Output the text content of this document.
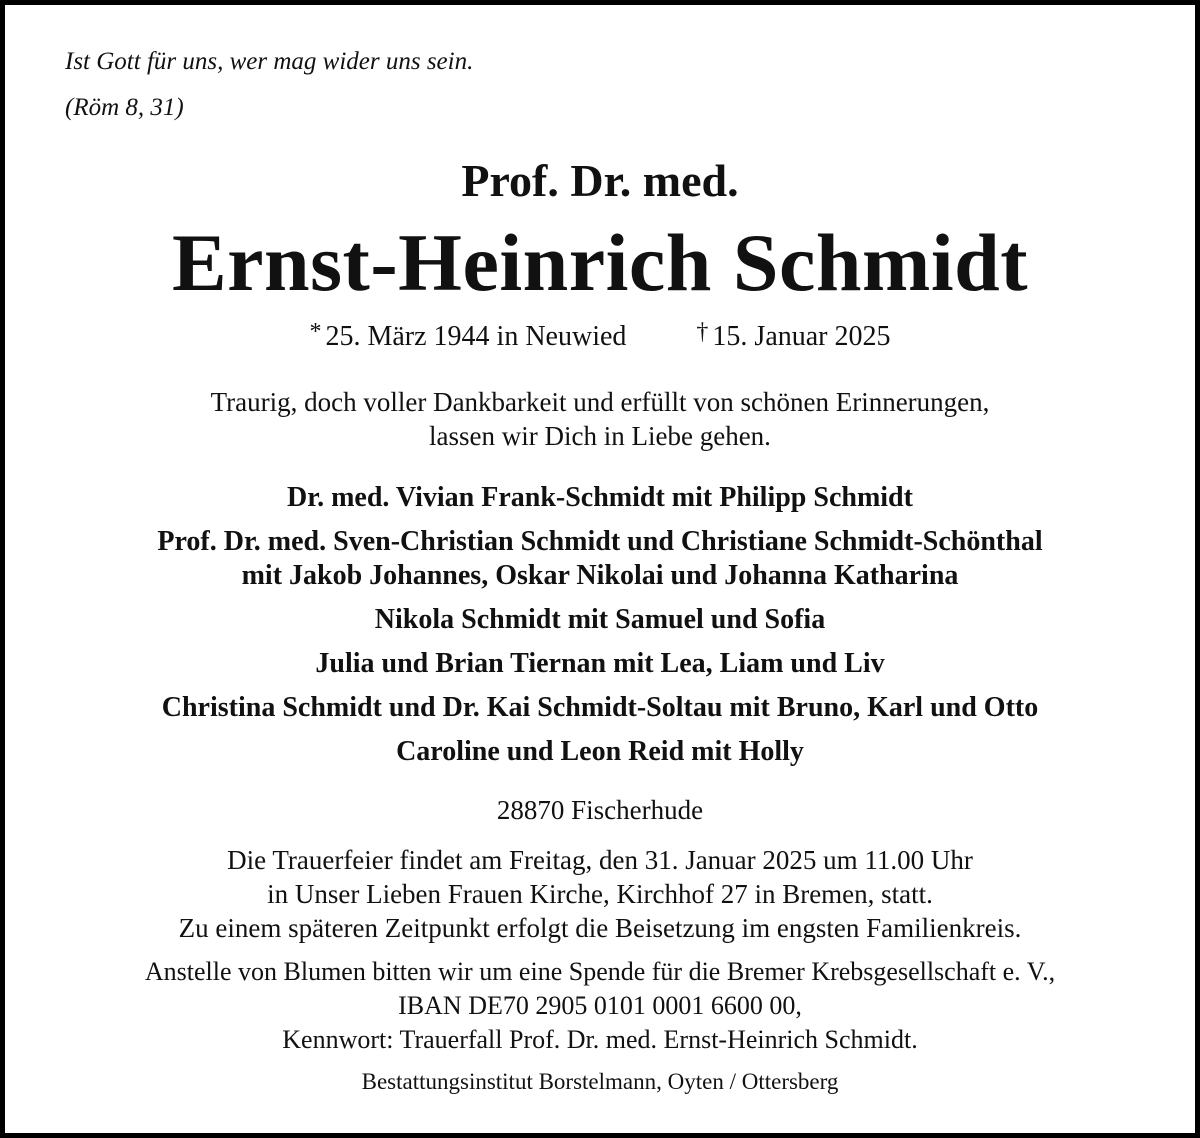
Ist Gott für uns, wer mag wider uns sein.
(Röm 8, 31)
Prof. Dr. med.
Ernst-Heinrich Schmidt
* 25. März 1944 in Neuwied	† 15. Januar 2025
Traurig, doch voller Dankbarkeit und erfüllt von schönen Erinnerungen,
lassen wir Dich in Liebe gehen.
Dr. med. Vivian Frank-Schmidt mit Philipp Schmidt
Prof. Dr. med. Sven-Christian Schmidt und Christiane Schmidt-Schönthal
mit Jakob Johannes, Oskar Nikolai und Johanna Katharina
Nikola Schmidt mit Samuel und Sofia
Julia und Brian Tiernan mit Lea, Liam und Liv
Christina Schmidt und Dr. Kai Schmidt-Soltau mit Bruno, Karl und Otto
Caroline und Leon Reid mit Holly
28870 Fischerhude
Die Trauerfeier findet am Freitag, den 31. Januar 2025 um 11.00 Uhr
in Unser Lieben Frauen Kirche, Kirchhof 27 in Bremen, statt.
Zu einem späteren Zeitpunkt erfolgt die Beisetzung im engsten Familienkreis.
Anstelle von Blumen bitten wir um eine Spende für die Bremer Krebsgesellschaft e. V.,
IBAN DE70 2905 0101 0001 6600 00,
Kennwort: Trauerfall Prof. Dr. med. Ernst-Heinrich Schmidt.
Bestattungsinstitut Borstelmann, Oyten / Ottersberg
